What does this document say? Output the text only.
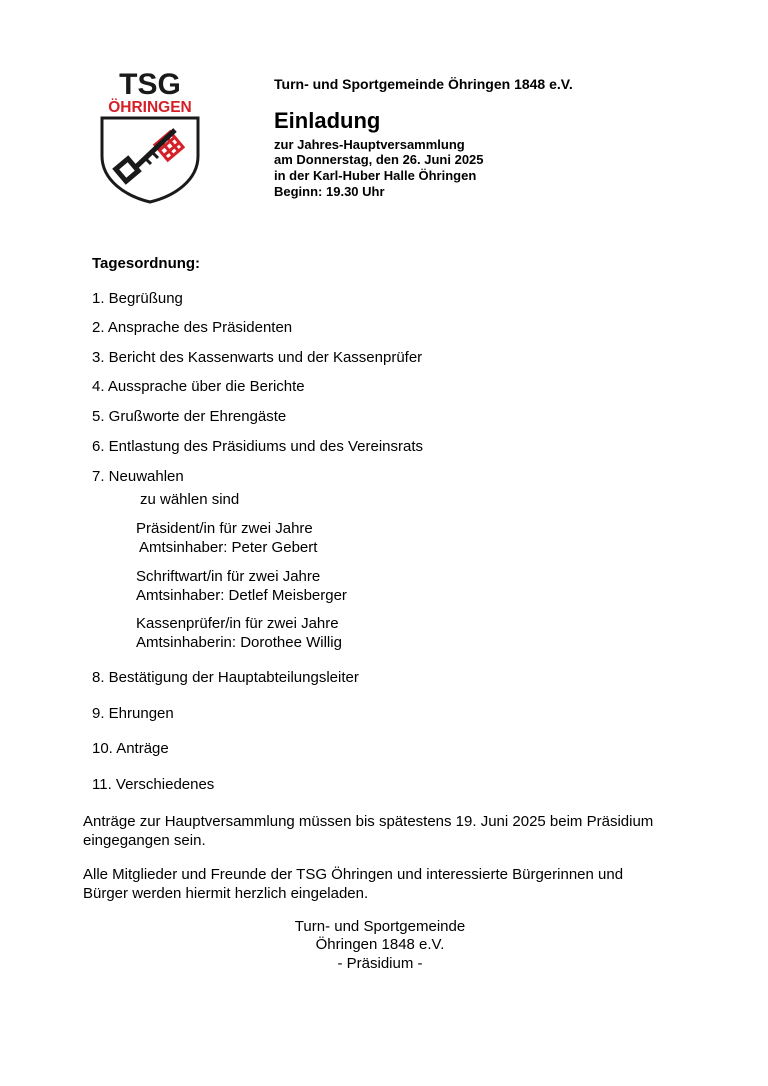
TSG
ÖHRINGEN
Turn- und Sportgemeinde Öhringen 1848 e.V.
Einladung
zur Jahres-Hauptversammlung
am Donnerstag, den 26. Juni 2025
in der Karl-Huber Halle Öhringen
Beginn: 19.30 Uhr
Tagesordnung:
1. Begrüßung
2. Ansprache des Präsidenten
3. Bericht des Kassenwarts und der Kassenprüfer
4. Aussprache über die Berichte
5. Grußworte der Ehrengäste
6. Entlastung des Präsidiums und des Vereinsrats
7. Neuwahlen
zu wählen sind
Präsident/in für zwei Jahre
Amtsinhaber: Peter Gebert
Schriftwart/in für zwei Jahre
Amtsinhaber: Detlef Meisberger
Kassenprüfer/in für zwei Jahre
Amtsinhaberin: Dorothee Willig
8. Bestätigung der Hauptabteilungsleiter
9. Ehrungen
10. Anträge
11. Verschiedenes
Anträge zur Hauptversammlung müssen bis spätestens 19. Juni 2025 beim Präsidium
eingegangen sein.
Alle Mitglieder und Freunde der TSG Öhringen und interessierte Bürgerinnen und
Bürger werden hiermit herzlich eingeladen.
Turn- und Sportgemeinde
Öhringen 1848 e.V.
- Präsidium -
